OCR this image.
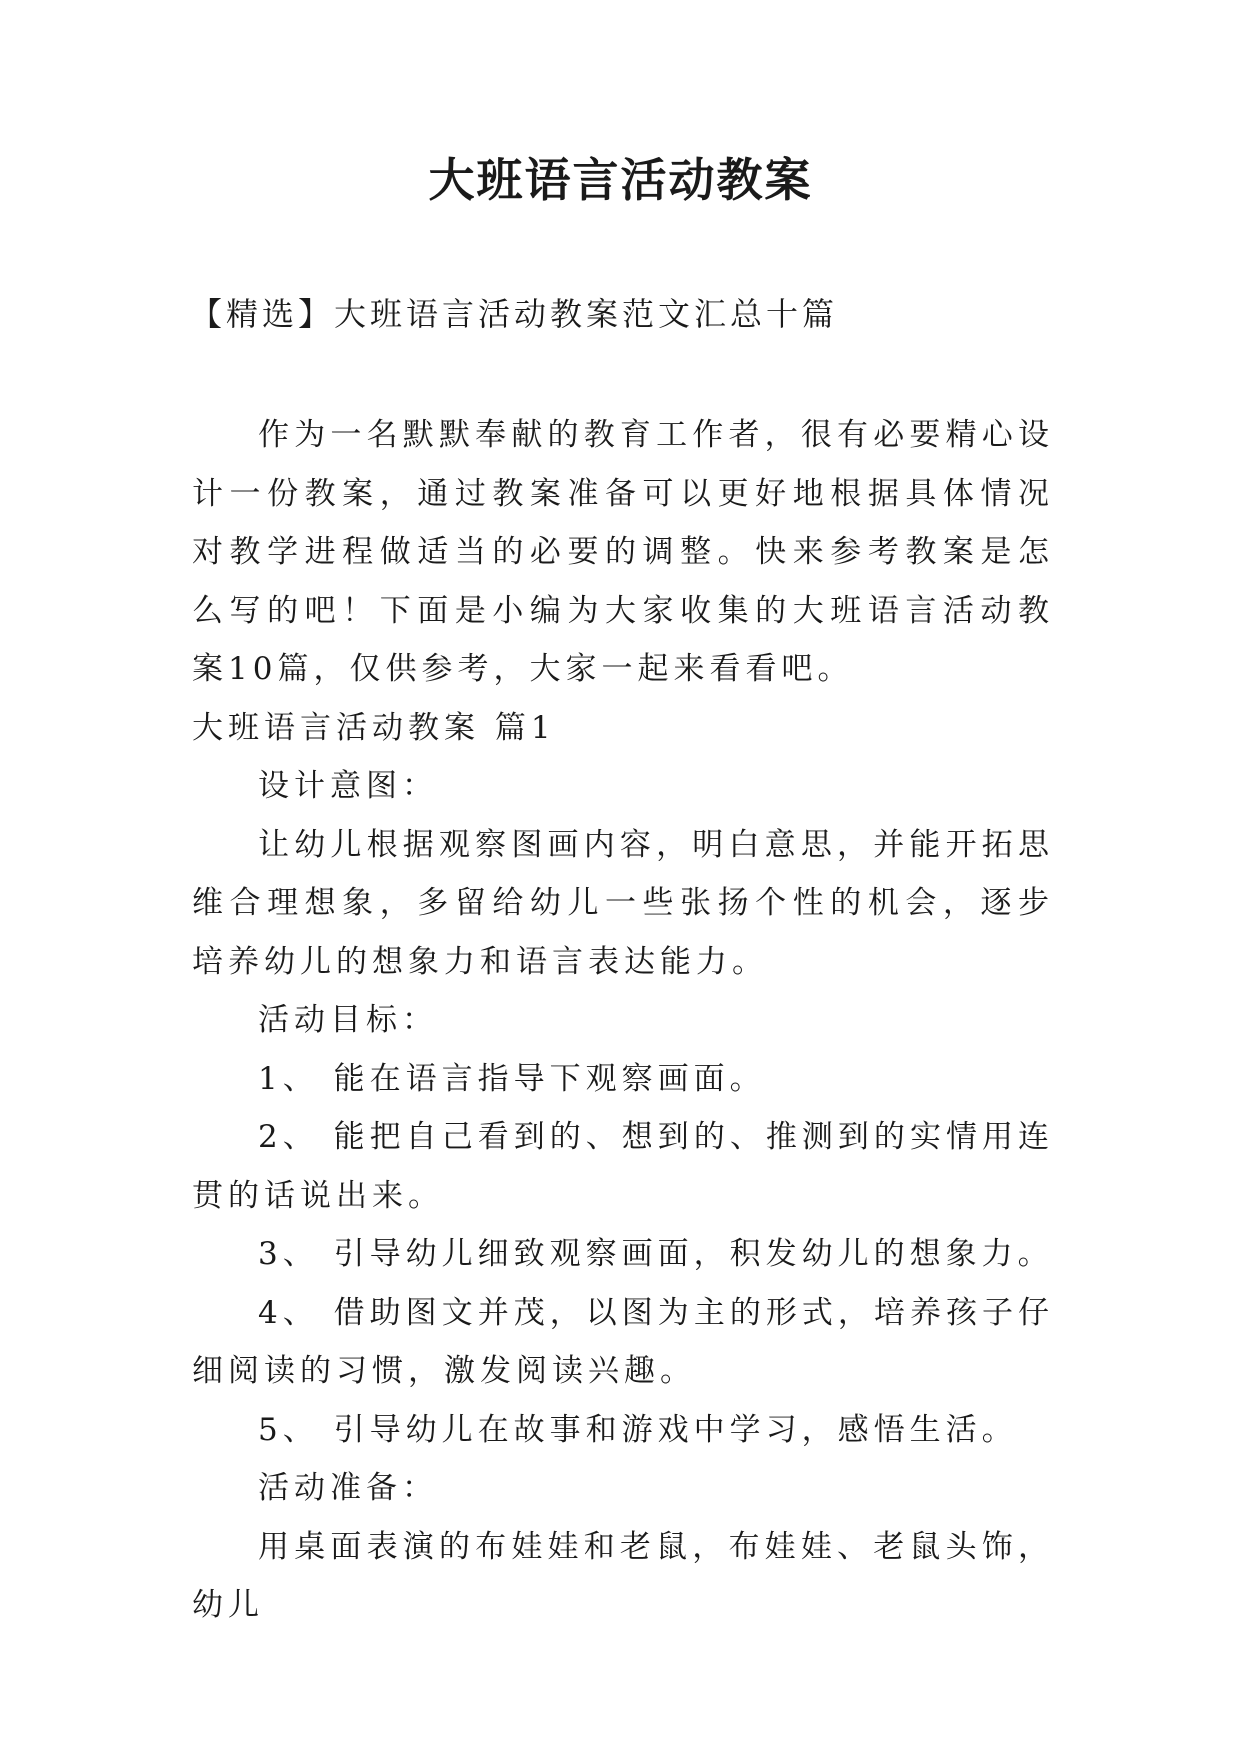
大班语言活动教案
【精选】大班语言活动教案范文汇总十篇

作为一名默默奉献的教育工作者，很有必要精心设计一份教案，通过教案准备可以更好地根据具体情况对教学进程做适当的必要的调整。快来参考教案是怎么写的吧！下面是小编为大家收集的大班语言活动教案10篇，仅供参考，大家一起来看看吧。

大班语言活动教案 篇1

设计意图：

让幼儿根据观察图画内容，明白意思，并能开拓思维合理想象，多留给幼儿一些张扬个性的机会，逐步培养幼儿的想象力和语言表达能力。

活动目标：

1、 能在语言指导下观察画面。

2、 能把自己看到的、想到的、推测到的实情用连贯的话说出来。

3、 引导幼儿细致观察画面，积发幼儿的想象力。

4、 借助图文并茂，以图为主的形式，培养孩子仔细阅读的习惯，激发阅读兴趣。

5、 引导幼儿在故事和游戏中学习，感悟生活。

活动准备：

用桌面表演的布娃娃和老鼠，布娃娃、老鼠头饰，幼儿
